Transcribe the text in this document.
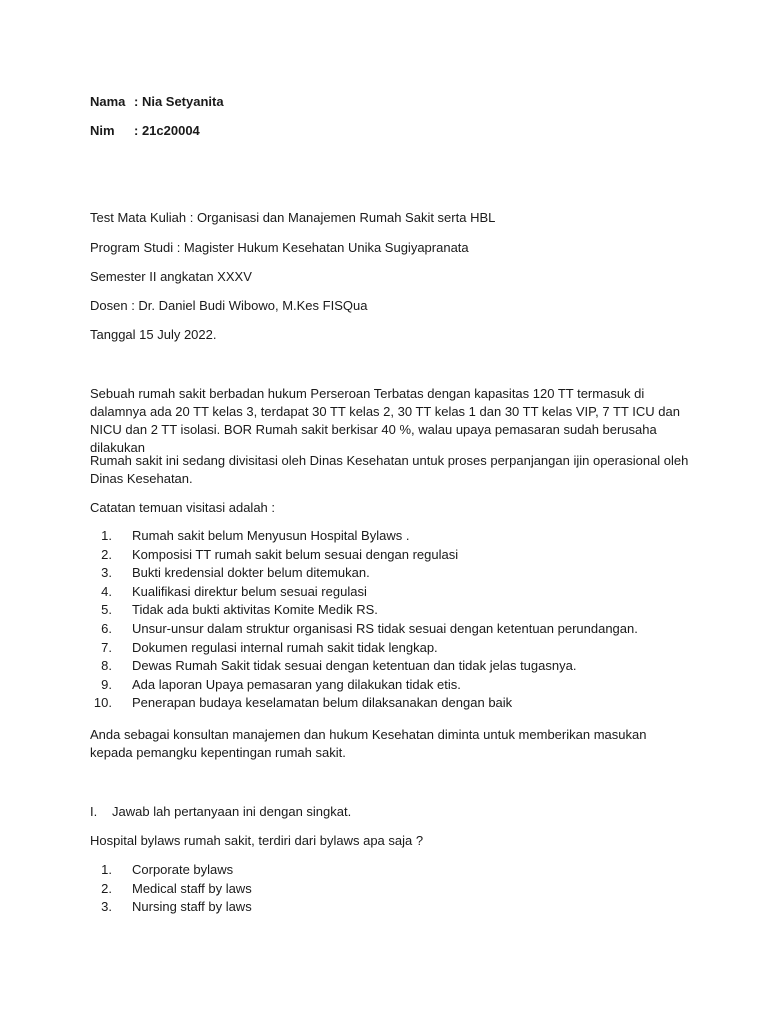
Nama : Nia Setyanita
Nim : 21c20004
Test Mata Kuliah : Organisasi dan Manajemen Rumah Sakit serta HBL
Program Studi : Magister Hukum Kesehatan Unika Sugiyapranata
Semester II angkatan XXXV
Dosen : Dr. Daniel Budi Wibowo, M.Kes FISQua
Tanggal 15 July 2022.
Sebuah rumah sakit berbadan hukum Perseroan Terbatas dengan kapasitas 120 TT termasuk di dalamnya ada 20 TT kelas 3, terdapat 30 TT kelas 2, 30 TT kelas 1 dan 30 TT kelas VIP, 7 TT ICU dan NICU dan 2 TT isolasi. BOR Rumah sakit berkisar 40 %, walau upaya pemasaran sudah berusaha dilakukan
Rumah sakit ini sedang divisitasi oleh Dinas Kesehatan untuk proses perpanjangan ijin operasional oleh Dinas Kesehatan.
Catatan temuan visitasi adalah :
1. Rumah sakit belum Menyusun Hospital Bylaws .
2. Komposisi TT rumah sakit belum sesuai dengan regulasi
3. Bukti kredensial dokter belum ditemukan.
4. Kualifikasi direktur belum sesuai regulasi
5. Tidak ada bukti aktivitas Komite Medik RS.
6. Unsur-unsur dalam struktur organisasi RS tidak sesuai dengan ketentuan perundangan.
7. Dokumen regulasi internal rumah sakit tidak lengkap.
8. Dewas Rumah Sakit tidak sesuai dengan ketentuan dan tidak jelas tugasnya.
9. Ada laporan Upaya pemasaran yang dilakukan tidak etis.
10. Penerapan budaya keselamatan belum dilaksanakan dengan baik
Anda sebagai konsultan manajemen dan hukum Kesehatan diminta untuk memberikan masukan kepada pemangku kepentingan rumah sakit.
I. Jawab lah pertanyaan ini dengan singkat.
Hospital bylaws rumah sakit, terdiri dari bylaws apa saja ?
1. Corporate bylaws
2. Medical staff by laws
3. Nursing staff by laws
